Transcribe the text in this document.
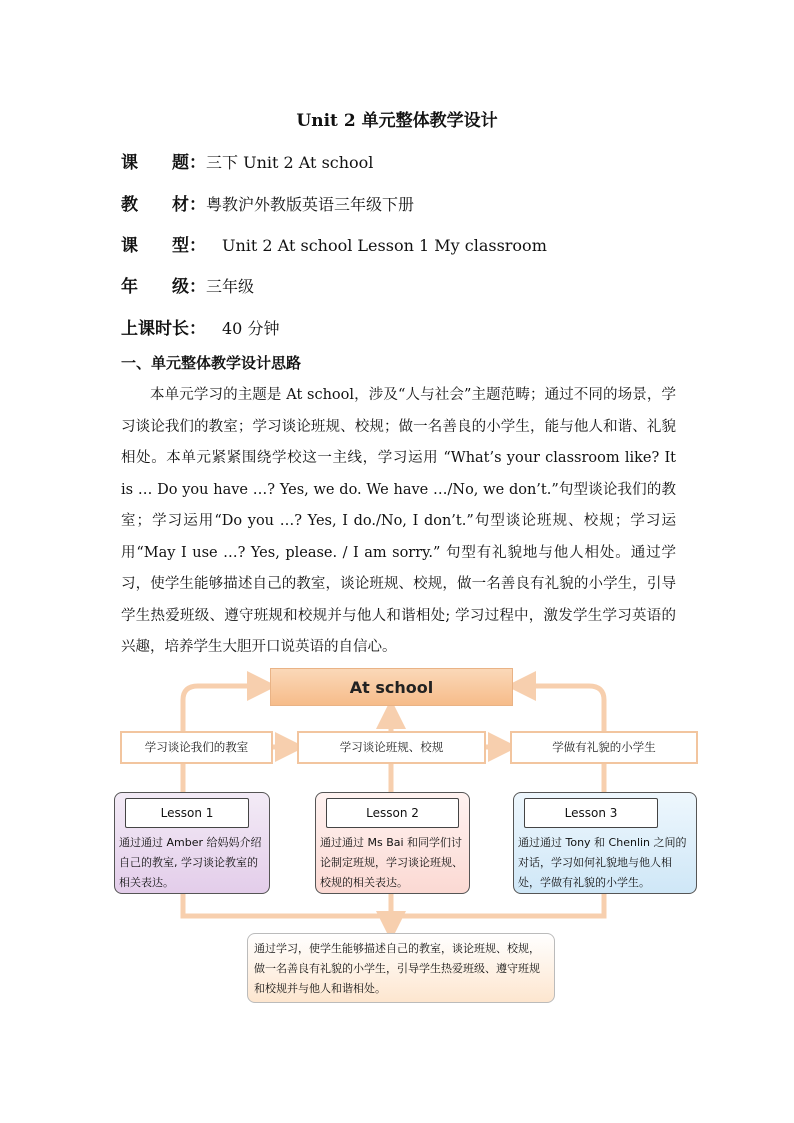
Unit 2 单元整体教学设计
课　　题：三下 Unit 2 At school
教　　材：粤教沪外教版英语三年级下册
课　　型：　Unit 2 At school Lesson 1 My classroom
年　　级：三年级
上课时长：　40 分钟
一、单元整体教学设计思路
本单元学习的主题是 At school，涉及“人与社会”主题范畴；通过不同的场景，学习谈论我们的教室；学习谈论班规、校规；做一名善良的小学生，能与他人和谐、礼貌相处。本单元紧紧围绕学校这一主线，学习运用 “What’s your classroom like? It is … Do you have …? Yes, we do. We have …/No, we don’t.”句型谈论我们的教室；学习运用“Do you …? Yes, I do./No, I don’t.”句型谈论班规、校规；学习运用“May I use …? Yes, please. / I am sorry.” 句型有礼貌地与他人相处。通过学习，使学生能够描述自己的教室，谈论班规、校规，做一名善良有礼貌的小学生，引导学生热爱班级、遵守班规和校规并与他人和谐相处; 学习过程中，激发学生学习英语的兴趣，培养学生大胆开口说英语的自信心。
At school
学习谈论我们的教室	学习谈论班规、校规	学做有礼貌的小学生
Lesson 1
通过通过 Amber 给妈妈介绍自己的教室, 学习谈论教室的相关表达。
Lesson 2
通过通过 Ms Bai 和同学们讨论制定班规，学习谈论班规、校规的相关表达。
Lesson 3
通过通过 Tony 和 Chenlin 之间的对话，学习如何礼貌地与他人相处，学做有礼貌的小学生。
通过学习，使学生能够描述自己的教室，谈论班规、校规，做一名善良有礼貌的小学生，引导学生热爱班级、遵守班规和校规并与他人和谐相处。
